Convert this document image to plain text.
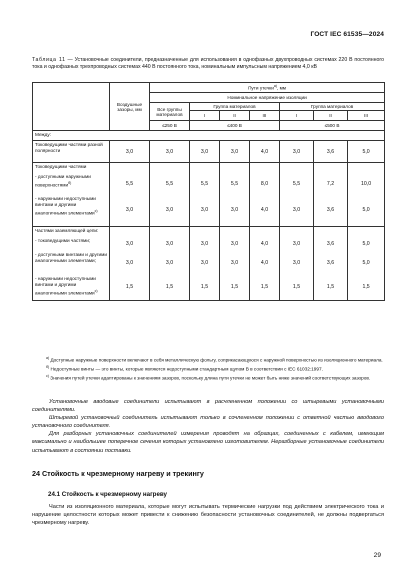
ГОСТ IEC 61535—2024
Таблица 11 — Установочные соединители, предназначенные для использования в однофазных двухпроводных системах 220 В постоянного тока и однофазных трехпроводных системах 440 В постоянного тока, номинальным импульсным напряжением 4,0 кВ
	Воздушные зазоры, мм	Пути утечки$^{а)}$, мм						
		Номинальное напряжение изоляции						
		Все группы материалов	Группа материалов			Группа материалов		
			I	II	III	I	II	III
		≤250 В	≤400 В			≤500 В		
Между:								
Токоведущими частями разной полярности	3,0	3,0	3,0	3,0	4,0	3,0	3,6	5,0
Токоведущими частями								
- доступными наружными поверхностями$^{б)}$	5,5	5,5	5,5	5,5	8,0	5,5	7,2	10,0
- наружными недоступными винтами и другими аналогичными элементами$^{с)}$	3,0	3,0	3,0	3,0	4,0	3,0	3,6	5,0
Частями заземляющей цепи:								
- токоведущими частями;	3,0	3,0	3,0	3,0	4,0	3,0	3,6	5,0
- доступными винтами и другими аналогичными элементами;	3,0	3,0	3,0	3,0	4,0	3,0	3,6	5,0
- наружными недоступными винтами и другими аналогичными элементами$^{с)}$	1,5	1,5	1,5	1,5	1,5	1,5	1,5	1,5

$^{а)}$ Доступные наружные поверхности включают в себя металлическую фольгу, соприкасающуюся с наружной поверхностью из изоляционного материала.

$^{б)}$ Недоступные винты — это винты, которые являются недоступными стандартным щупом В в соответствии с IEC 61032:1997.

$^{с)}$ Значения путей утечки адаптированы к значениям зазоров, поскольку длина пути утечки не может быть ниже значений соответствующих зазоров.

Установочные вводовые соединители испытывают в расчлененном положении со штыревыми установочными соединителями.

Штыревой установочный соединитель испытывают только в сочлененном положении с ответной частью вводового установочного соединителя.

Для разборных установочных соединителей измерения проводят на образцах, соединенных с кабелем, имеющим максимально и наибольшее поперечное сечения которых установлено изготовителем. Неразборные установочные соединители испытывают в состоянии поставки.

24 Стойкость к чрезмерному нагреву и трекингу
24.1 Стойкость к чрезмерному нагреву

Части из изоляционного материала, которые могут испытывать термические нагрузки под действием электрического тока и нарушение целостности которых может привести к снижению безопасности установочных соединителей, не должны подвергаться чрезмерному нагреву.

29
